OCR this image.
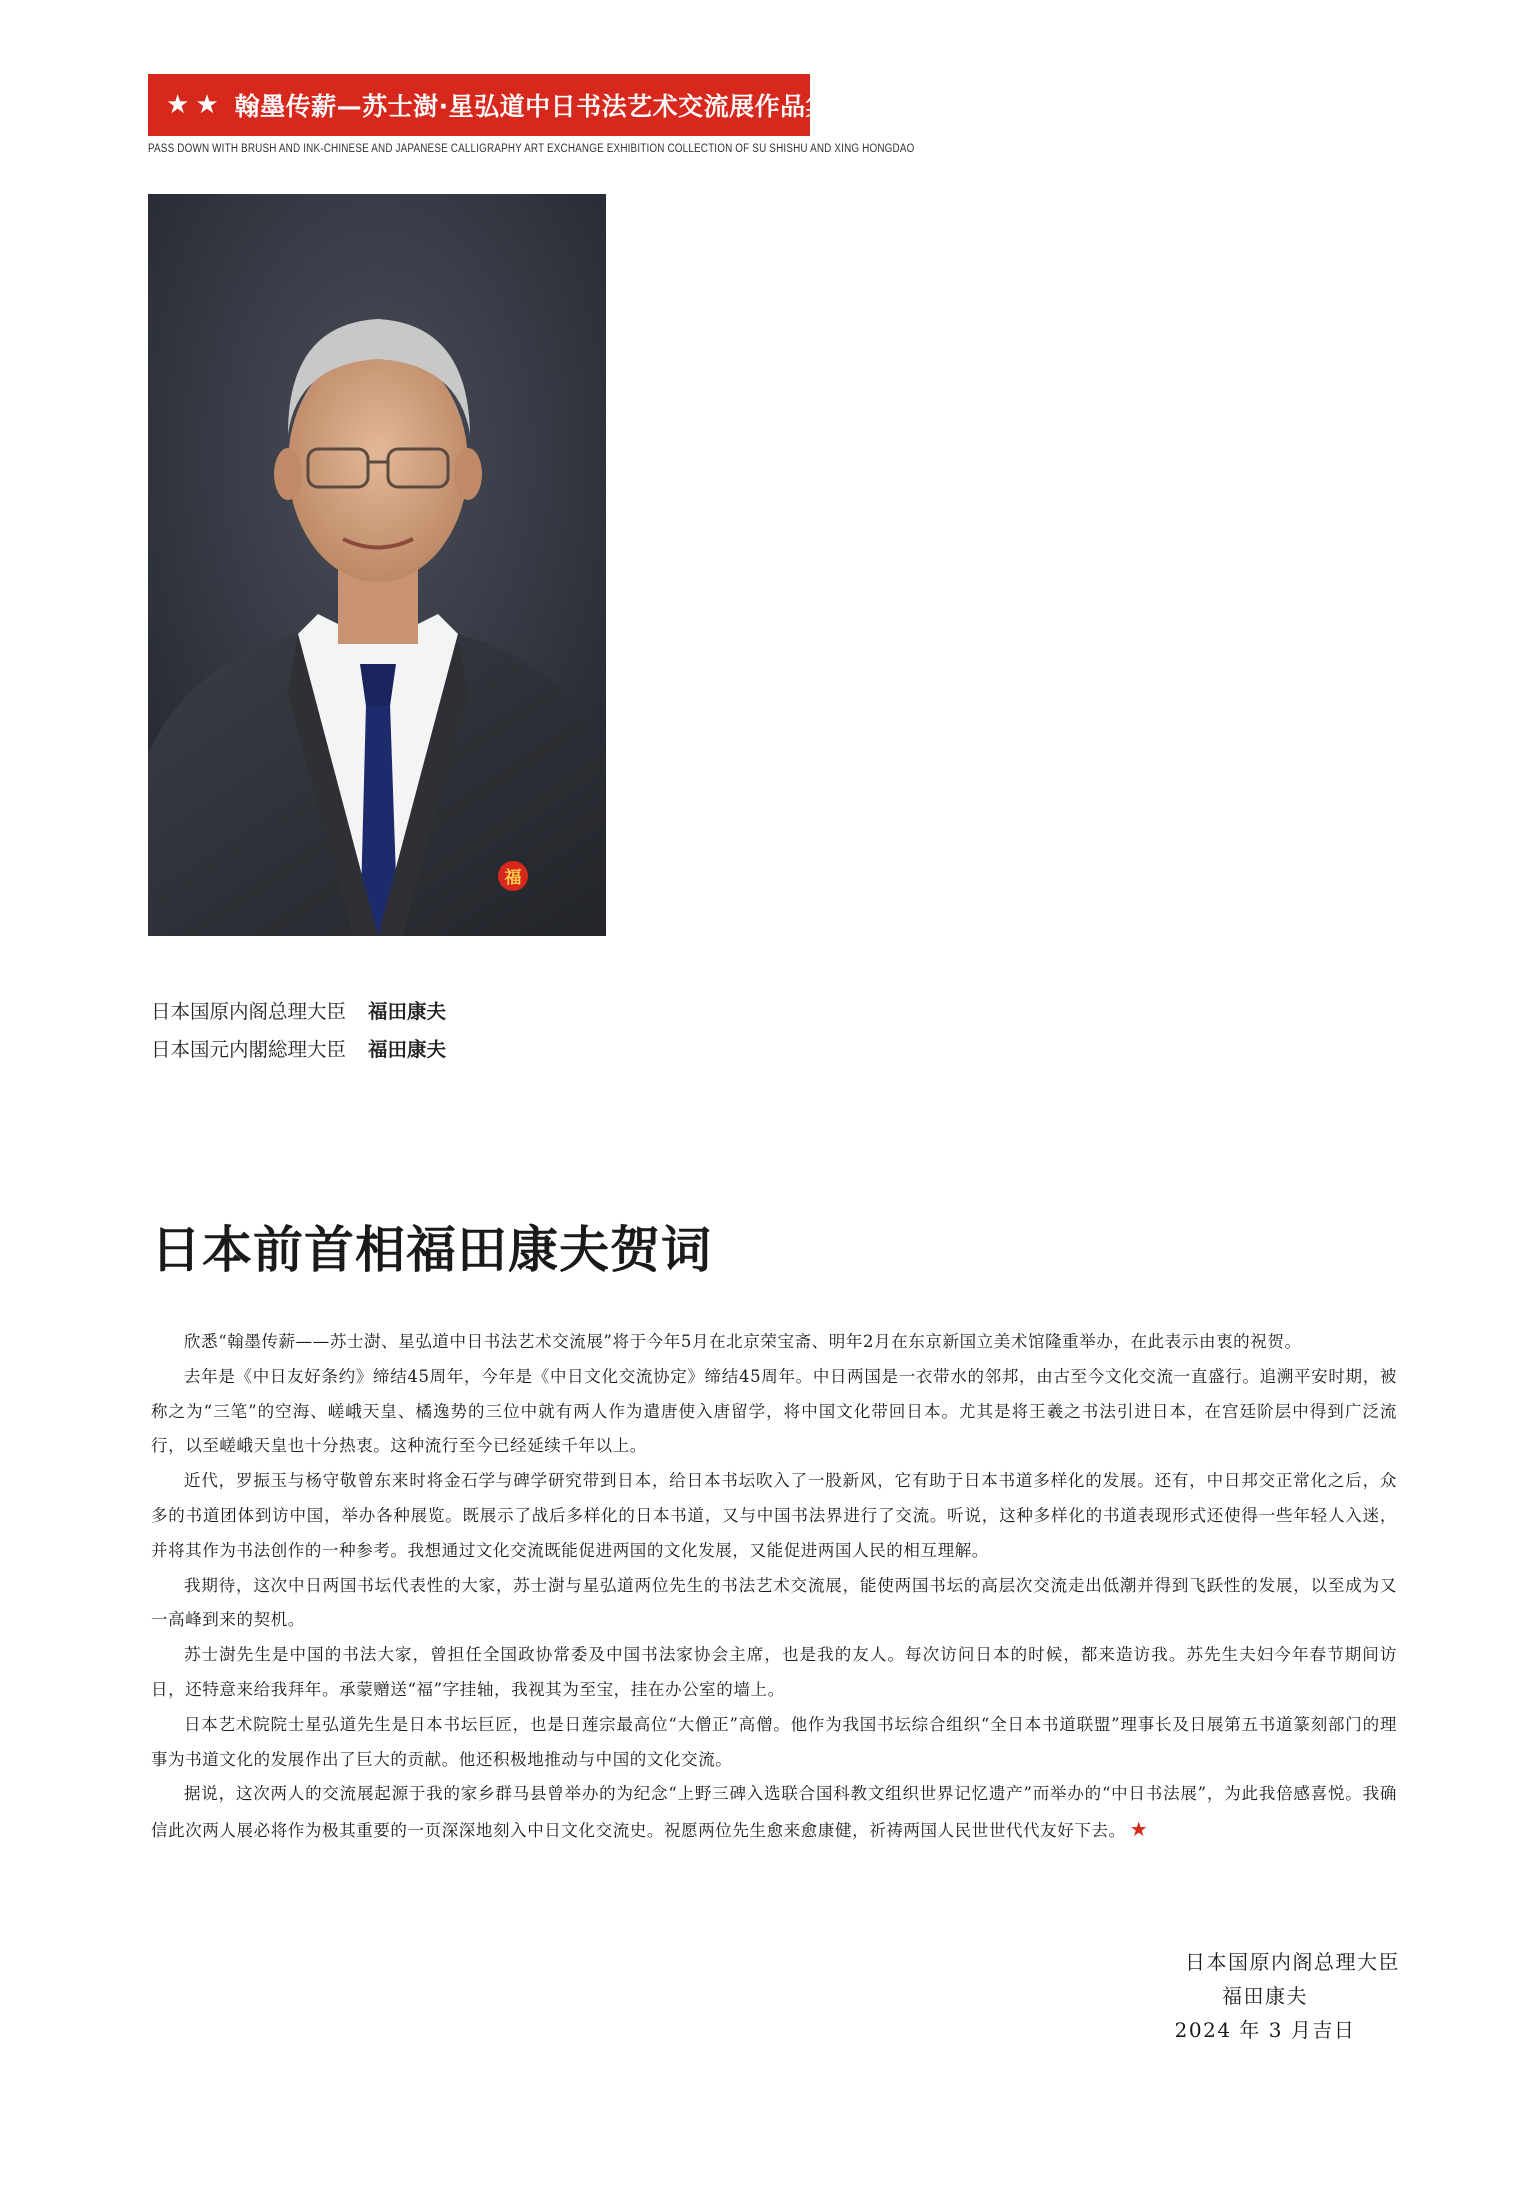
★ ★ 翰墨传薪—苏士澍·星弘道中日书法艺术交流展作品集
PASS DOWN WITH BRUSH AND INK-CHINESE AND JAPANESE CALLIGRAPHY ART EXCHANGE EXHIBITION COLLECTION OF SU SHISHU AND XING HONGDAO
福
日本国原内阁总理大臣 福田康夫
日本国元内閣総理大臣 福田康夫
日本前首相福田康夫贺词

欣悉“翰墨传薪——苏士澍、星弘道中日书法艺术交流展”将于今年5月在北京荣宝斋、明年2月在东京新国立美术馆隆重举办，在此表示由衷的祝贺。

去年是《中日友好条约》缔结45周年，今年是《中日文化交流协定》缔结45周年。中日两国是一衣带水的邻邦，由古至今文化交流一直盛行。追溯平安时期，被称之为“三笔”的空海、嵯峨天皇、橘逸势的三位中就有两人作为遣唐使入唐留学，将中国文化带回日本。尤其是将王羲之书法引进日本，在宫廷阶层中得到广泛流行，以至嵯峨天皇也十分热衷。这种流行至今已经延续千年以上。

近代，罗振玉与杨守敬曾东来时将金石学与碑学研究带到日本，给日本书坛吹入了一股新风，它有助于日本书道多样化的发展。还有，中日邦交正常化之后，众多的书道团体到访中国，举办各种展览。既展示了战后多样化的日本书道，又与中国书法界进行了交流。听说，这种多样化的书道表现形式还使得一些年轻人入迷，并将其作为书法创作的一种参考。我想通过文化交流既能促进两国的文化发展，又能促进两国人民的相互理解。

我期待，这次中日两国书坛代表性的大家，苏士澍与星弘道两位先生的书法艺术交流展，能使两国书坛的高层次交流走出低潮并得到飞跃性的发展，以至成为又一高峰到来的契机。

苏士澍先生是中国的书法大家，曾担任全国政协常委及中国书法家协会主席，也是我的友人。每次访问日本的时候，都来造访我。苏先生夫妇今年春节期间访日，还特意来给我拜年。承蒙赠送“福”字挂轴，我视其为至宝，挂在办公室的墙上。

日本艺术院院士星弘道先生是日本书坛巨匠，也是日莲宗最高位“大僧正”高僧。他作为我国书坛综合组织“全日本书道联盟”理事长及日展第五书道篆刻部门的理事为书道文化的发展作出了巨大的贡献。他还积极地推动与中国的文化交流。

据说，这次两人的交流展起源于我的家乡群马县曾举办的为纪念“上野三碑入选联合国科教文组织世界记忆遗产”而举办的“中日书法展”，为此我倍感喜悦。我确信此次两人展必将作为极其重要的一页深深地刻入中日文化交流史。祝愿两位先生愈来愈康健，祈祷两国人民世世代代友好下去。 ★

日本国原内阁总理大臣
福田康夫
2024 年 3 月吉日
